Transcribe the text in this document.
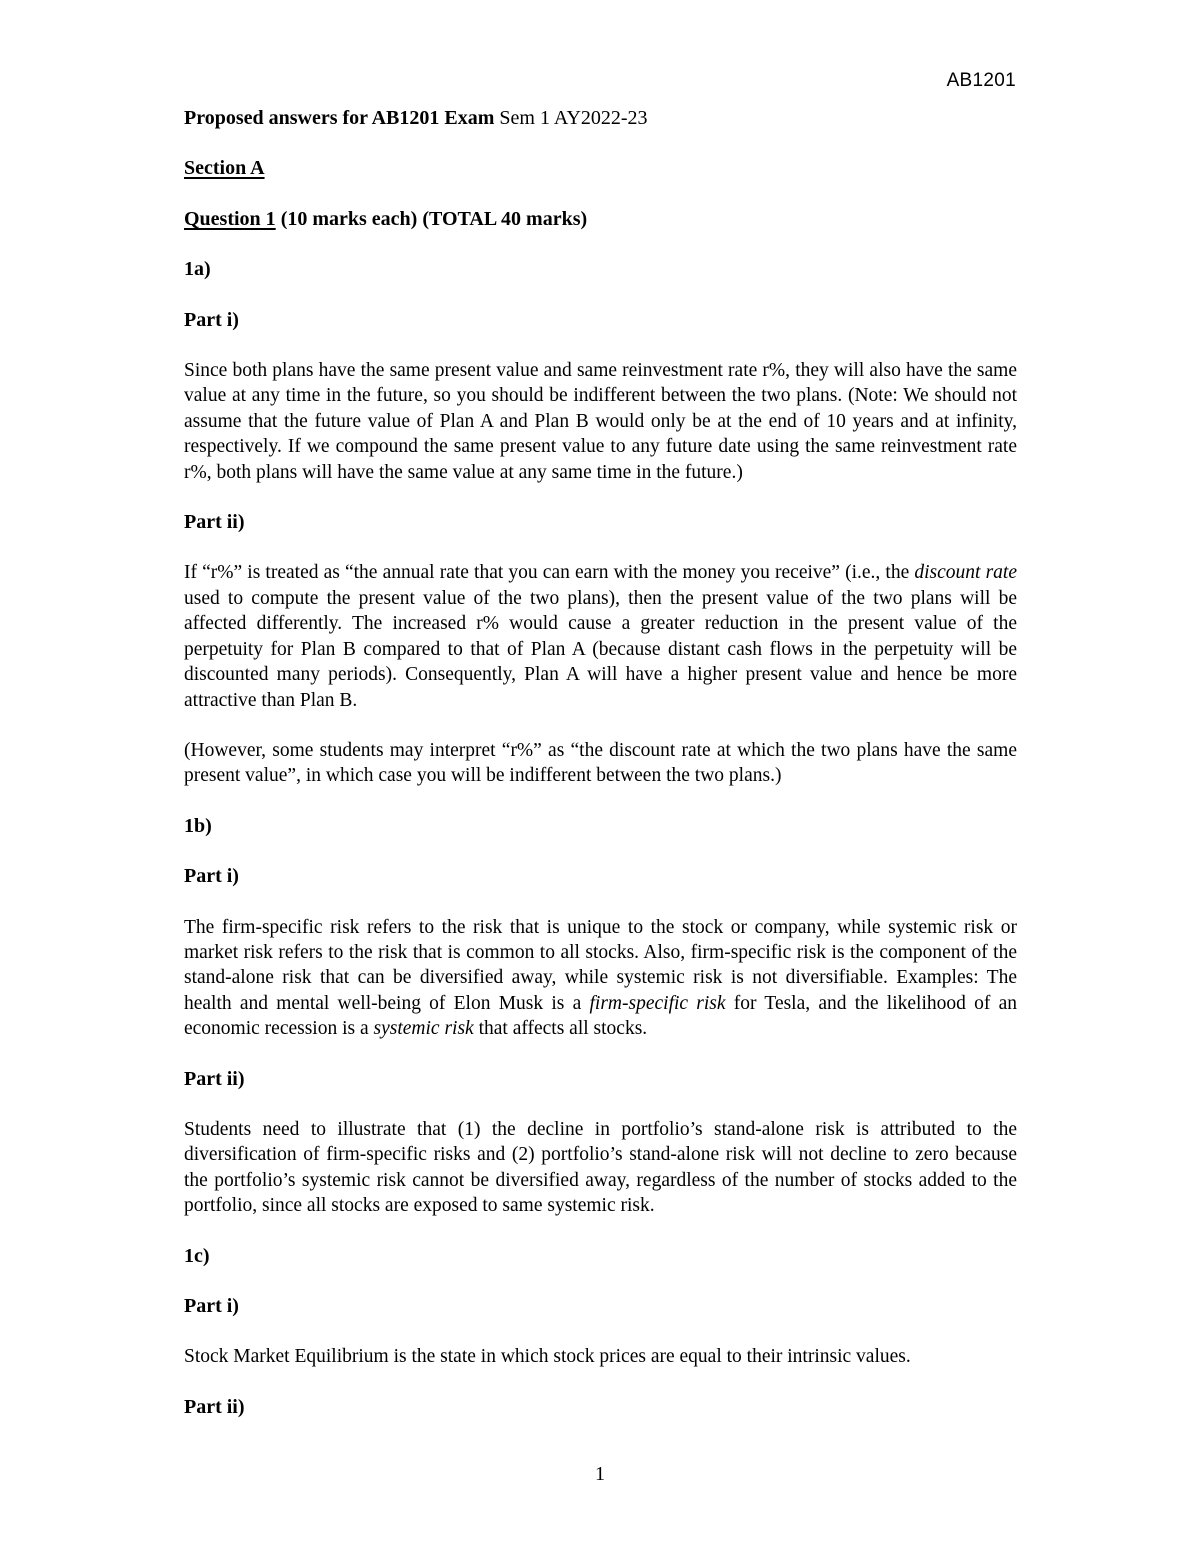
AB1201

Proposed answers for AB1201 Exam Sem 1 AY2022-23

Section A

Question 1 (10 marks each) (TOTAL 40 marks)

1a)

Part i)

Since both plans have the same present value and same reinvestment rate r%, they will also have the same value at any time in the future, so you should be indifferent between the two plans. (Note: We should not assume that the future value of Plan A and Plan B would only be at the end of 10 years and at infinity, respectively. If we compound the same present value to any future date using the same reinvestment rate r%, both plans will have the same value at any same time in the future.)

Part ii)

If “r%” is treated as “the annual rate that you can earn with the money you receive” (i.e., the discount rate used to compute the present value of the two plans), then the present value of the two plans will be affected differently. The increased r% would cause a greater reduction in the present value of the perpetuity for Plan B compared to that of Plan A (because distant cash flows in the perpetuity will be discounted many periods). Consequently, Plan A will have a higher present value and hence be more attractive than Plan B.

(However, some students may interpret “r%” as “the discount rate at which the two plans have the same present value”, in which case you will be indifferent between the two plans.)

1b)

Part i)

The firm-specific risk refers to the risk that is unique to the stock or company, while systemic risk or market risk refers to the risk that is common to all stocks. Also, firm-specific risk is the component of the stand-alone risk that can be diversified away, while systemic risk is not diversifiable. Examples: The health and mental well-being of Elon Musk is a firm-specific risk for Tesla, and the likelihood of an economic recession is a systemic risk that affects all stocks.

Part ii)

Students need to illustrate that (1) the decline in portfolio’s stand-alone risk is attributed to the diversification of firm-specific risks and (2) portfolio’s stand-alone risk will not decline to zero because the portfolio’s systemic risk cannot be diversified away, regardless of the number of stocks added to the portfolio, since all stocks are exposed to same systemic risk.

1c)

Part i)

Stock Market Equilibrium is the state in which stock prices are equal to their intrinsic values.

Part ii)

1
